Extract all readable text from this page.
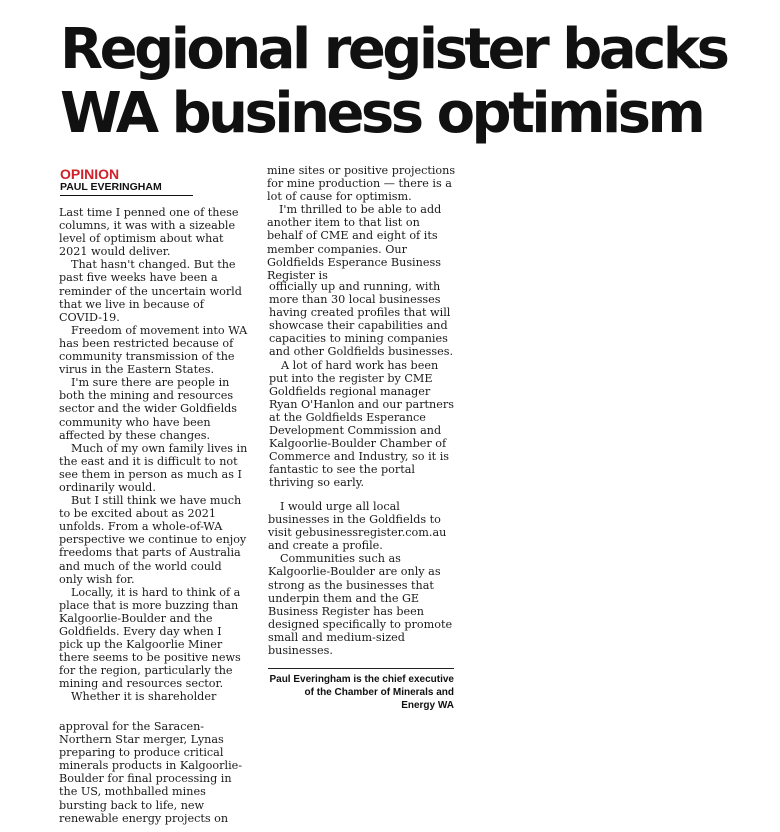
Regional register backs
WA business optimism
OPINION
PAUL EVERINGHAM

Last time I penned one of these columns, it was with a sizeable level of optimism about what 2021 would deliver.

That hasn't changed. But the past five weeks have been a reminder of the uncertain world that we live in because of COVID-19.

Freedom of movement into WA has been restricted because of community transmission of the virus in the Eastern States.

I'm sure there are people in both the mining and resources sector and the wider Goldfields community who have been affected by these changes.

Much of my own family lives in the east and it is difficult to not see them in person as much as I ordinarily would.

But I still think we have much to be excited about as 2021 unfolds. From a whole-of-WA perspective we continue to enjoy freedoms that parts of Australia and much of the world could only wish for.

Locally, it is hard to think of a place that is more buzzing than Kalgoorlie-Boulder and the Goldfields. Every day when I pick up the Kalgoorlie Miner there seems to be positive news for the region, particularly the mining and resources sector.

Whether it is shareholder

approval for the Saracen-Northern Star merger, Lynas preparing to produce critical minerals products in Kalgoorlie-Boulder for final processing in the US, mothballed mines bursting back to life, new renewable energy projects on

mine sites or positive projections for mine production — there is a lot of cause for optimism.

I'm thrilled to be able to add another item to that list on behalf of CME and eight of its member companies. Our Goldfields Esperance Business Register is

officially up and running, with more than 30 local businesses having created profiles that will showcase their capabilities and capacities to mining companies and other Goldfields businesses.

A lot of hard work has been put into the register by CME Goldfields regional manager Ryan O'Hanlon and our partners at the Goldfields Esperance Development Commission and Kalgoorlie-Boulder Chamber of Commerce and Industry, so it is fantastic to see the portal thriving so early.

I would urge all local businesses in the Goldfields to visit gebusinessregister.com.au and create a profile.

Communities such as Kalgoorlie-Boulder are only as strong as the businesses that underpin them and the GE Business Register has been designed specifically to promote small and medium-sized businesses.

Paul Everingham is the chief executive of the Chamber of Minerals and Energy WA
